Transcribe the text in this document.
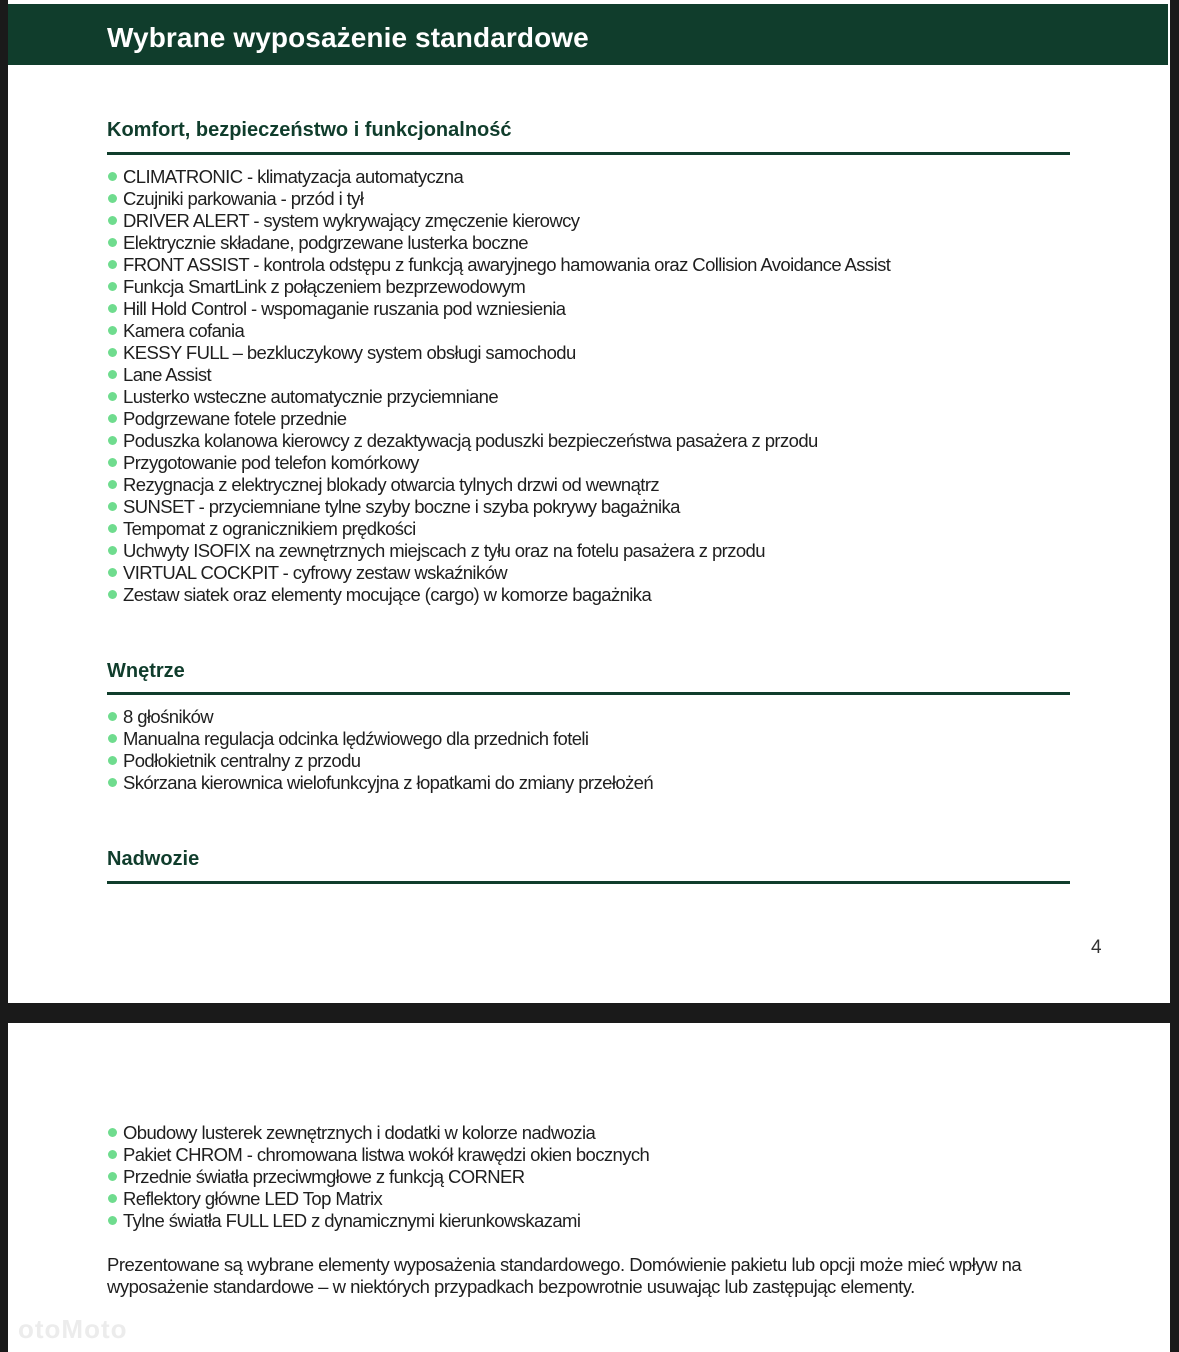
Wybrane wyposażenie standardowe
Komfort, bezpieczeństwo i funkcjonalność
CLIMATRONIC - klimatyzacja automatyczna
Czujniki parkowania - przód i tył
DRIVER ALERT - system wykrywający zmęczenie kierowcy
Elektrycznie składane, podgrzewane lusterka boczne
FRONT ASSIST - kontrola odstępu z funkcją awaryjnego hamowania oraz Collision Avoidance Assist
Funkcja SmartLink z połączeniem bezprzewodowym
Hill Hold Control - wspomaganie ruszania pod wzniesienia
Kamera cofania
KESSY FULL – bezkluczykowy system obsługi samochodu
Lane Assist
Lusterko wsteczne automatycznie przyciemniane
Podgrzewane fotele przednie
Poduszka kolanowa kierowcy z dezaktywacją poduszki bezpieczeństwa pasażera z przodu
Przygotowanie pod telefon komórkowy
Rezygnacja z elektrycznej blokady otwarcia tylnych drzwi od wewnątrz
SUNSET - przyciemniane tylne szyby boczne i szyba pokrywy bagażnika
Tempomat z ogranicznikiem prędkości
Uchwyty ISOFIX na zewnętrznych miejscach z tyłu oraz na fotelu pasażera z przodu
VIRTUAL COCKPIT - cyfrowy zestaw wskaźników
Zestaw siatek oraz elementy mocujące (cargo) w komorze bagażnika
Wnętrze
8 głośników
Manualna regulacja odcinka lędźwiowego dla przednich foteli
Podłokietnik centralny z przodu
Skórzana kierownica wielofunkcyjna z łopatkami do zmiany przełożeń
Nadwozie
4
Obudowy lusterek zewnętrznych i dodatki w kolorze nadwozia
Pakiet CHROM - chromowana listwa wokół krawędzi okien bocznych
Przednie światła przeciwmgłowe z funkcją CORNER
Reflektory główne LED Top Matrix
Tylne światła FULL LED z dynamicznymi kierunkowskazami

Prezentowane są wybrane elementy wyposażenia standardowego. Domówienie pakietu lub opcji może mieć wpływ na wyposażenie standardowe – w niektórych przypadkach bezpowrotnie usuwając lub zastępując elementy.

otoMoto
